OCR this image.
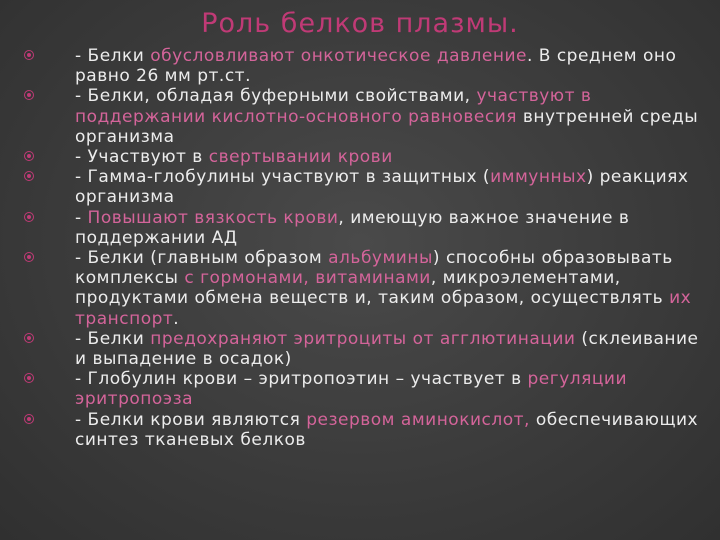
Роль белков плазмы.
- Белки обусловливают онкотическое давление. В среднем оно равно 26 мм рт.ст.
- Белки, обладая буферными свойствами, участвуют в поддержании кислотно-основного равновесия внутренней среды организма
- Участвуют в свертывании крови
- Гамма-глобулины участвуют в защитных (иммунных) реакциях организма
- Повышают вязкость крови, имеющую важное значение в поддержании АД
- Белки (главным образом альбумины) способны образовывать комплексы с гормонами, витаминами, микроэлементами, продуктами обмена веществ и, таким образом, осуществлять их транспорт.
- Белки предохраняют эритроциты от агглютинации (склеивание и выпадение в осадок)
- Глобулин крови – эритропоэтин – участвует в регуляции эритропоэза
- Белки крови являются резервом аминокислот, обеспечивающих синтез тканевых белков
